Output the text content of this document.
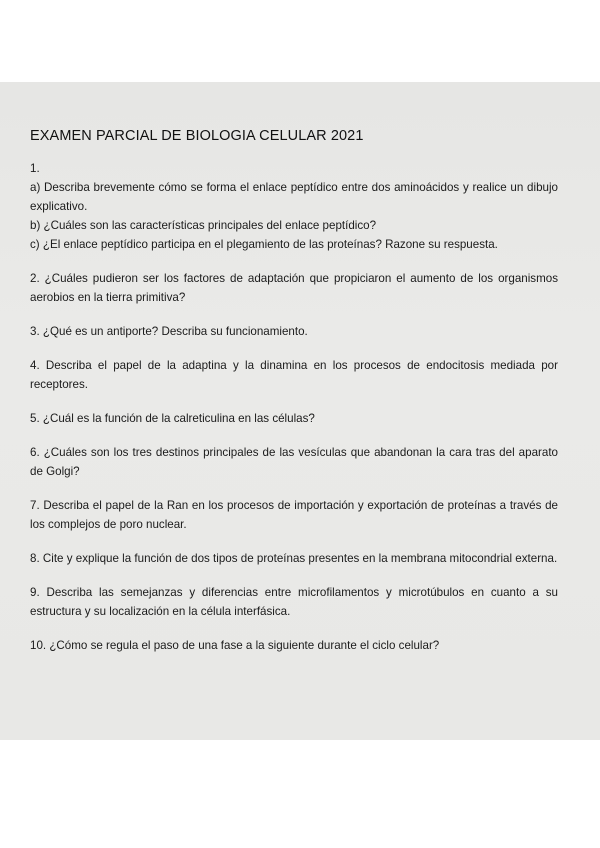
EXAMEN PARCIAL DE BIOLOGIA CELULAR 2021

1.

a) Describa brevemente cómo se forma el enlace peptídico entre dos aminoácidos y realice un dibujo explicativo.

b) ¿Cuáles son las características principales del enlace peptídico?

c) ¿El enlace peptídico participa en el plegamiento de las proteínas? Razone su respuesta.

2. ¿Cuáles pudieron ser los factores de adaptación que propiciaron el aumento de los organismos aerobios en la tierra primitiva?

3. ¿Qué es un antiporte? Describa su funcionamiento.

4. Describa el papel de la adaptina y la dinamina en los procesos de endocitosis mediada por receptores.

5. ¿Cuál es la función de la calreticulina en las células?

6. ¿Cuáles son los tres destinos principales de las vesículas que abandonan la cara tras del aparato de Golgi?

7. Describa el papel de la Ran en los procesos de importación y exportación de proteínas a través de los complejos de poro nuclear.

8. Cite y explique la función de dos tipos de proteínas presentes en la membrana mitocondrial externa.

9. Describa las semejanzas y diferencias entre microfilamentos y microtúbulos en cuanto a su estructura y su localización en la célula interfásica.

10. ¿Cómo se regula el paso de una fase a la siguiente durante el ciclo celular?
